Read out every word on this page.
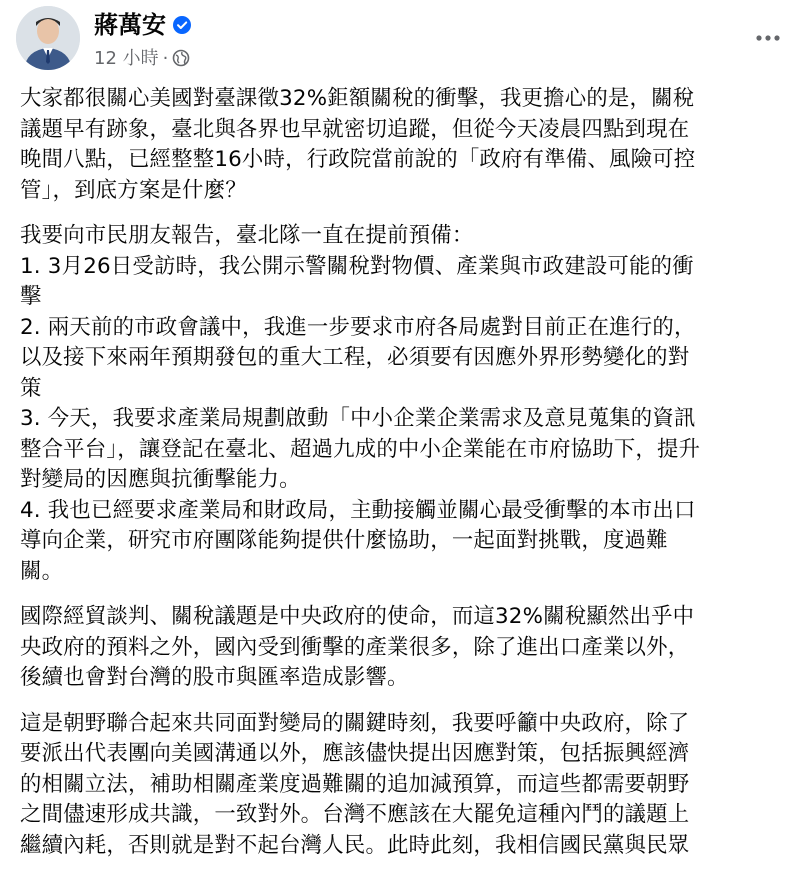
蔣萬安
12 小時 ·
大家都很關心美國對臺課徵32%鉅額關稅的衝擊，我更擔心的是，關稅
議題早有跡象，臺北與各界也早就密切追蹤，但從今天凌晨四點到現在
晚間八點，已經整整16小時，行政院當前說的「政府有準備、風險可控
管」，到底方案是什麼？
我要向市民朋友報告，臺北隊一直在提前預備：
1. 3月26日受訪時，我公開示警關稅對物價、產業與市政建設可能的衝
擊
2. 兩天前的市政會議中，我進一步要求市府各局處對目前正在進行的，
以及接下來兩年預期發包的重大工程，必須要有因應外界形勢變化的對
策
3. 今天，我要求產業局規劃啟動「中小企業企業需求及意見蒐集的資訊
整合平台」，讓登記在臺北、超過九成的中小企業能在市府協助下，提升
對變局的因應與抗衝擊能力。
4. 我也已經要求產業局和財政局，主動接觸並關心最受衝擊的本市出口
導向企業，研究市府團隊能夠提供什麼協助，一起面對挑戰，度過難
關。
國際經貿談判、關稅議題是中央政府的使命，而這32%關稅顯然出乎中
央政府的預料之外，國內受到衝擊的產業很多，除了進出口產業以外，
後續也會對台灣的股市與匯率造成影響。
這是朝野聯合起來共同面對變局的關鍵時刻，我要呼籲中央政府，除了
要派出代表團向美國溝通以外，應該儘快提出因應對策，包括振興經濟
的相關立法，補助相關產業度過難關的追加減預算，而這些都需要朝野
之間儘速形成共識，一致對外。台灣不應該在大罷免這種內鬥的議題上
繼續內耗，否則就是對不起台灣人民。此時此刻，我相信國民黨與民眾
